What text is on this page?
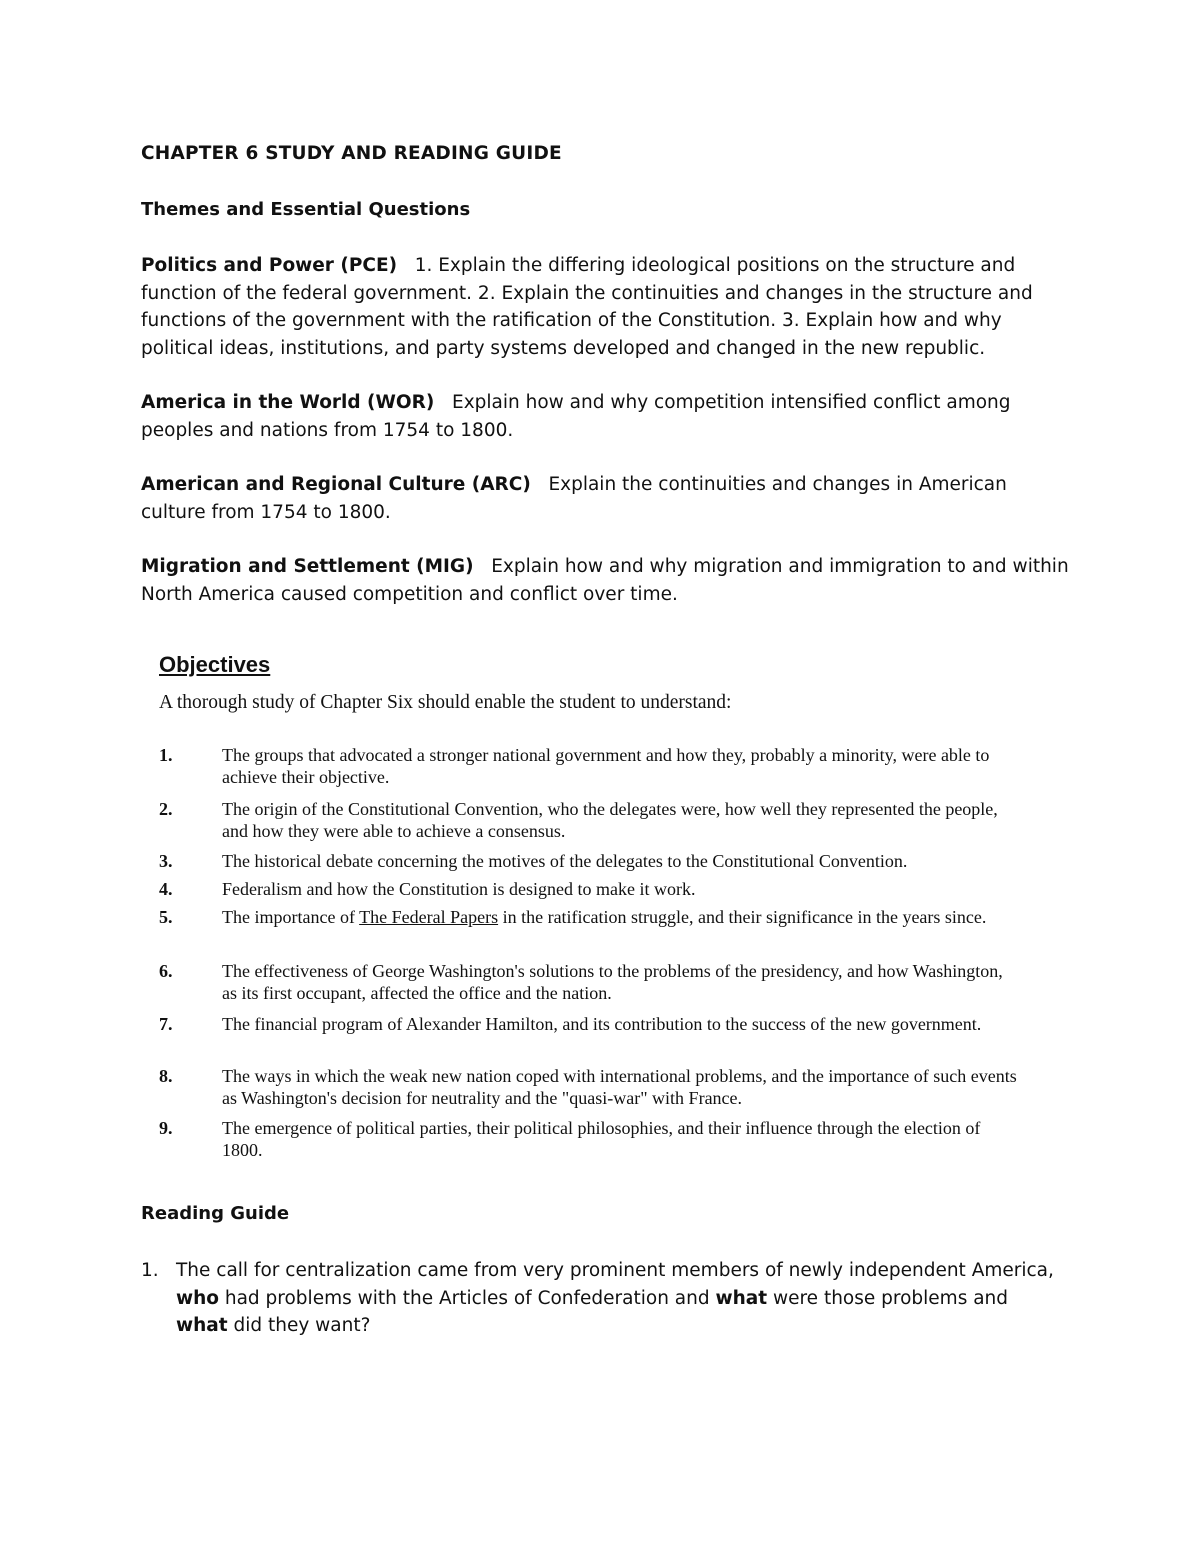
CHAPTER 6 STUDY AND READING GUIDE
Themes and Essential Questions
Politics and Power (PCE) 1. Explain the differing ideological positions on the structure and function of the federal government. 2. Explain the continuities and changes in the structure and functions of the government with the ratification of the Constitution. 3. Explain how and why political ideas, institutions, and party systems developed and changed in the new republic.
America in the World (WOR) Explain how and why competition intensified conflict among peoples and nations from 1754 to 1800.
American and Regional Culture (ARC) Explain the continuities and changes in American culture from 1754 to 1800.
Migration and Settlement (MIG) Explain how and why migration and immigration to and within North America caused competition and conflict over time.
Objectives
A thorough study of Chapter Six should enable the student to understand:
1.	The groups that advocated a stronger national government and how they, probably a minority, were able to achieve their objective.
2.	The origin of the Constitutional Convention, who the delegates were, how well they represented the people, and how they were able to achieve a consensus.
3.	The historical debate concerning the motives of the delegates to the Constitutional Convention.
4.	Federalism and how the Constitution is designed to make it work.
5.	The importance of The Federal Papers in the ratification struggle, and their significance in the years since.
6.	The effectiveness of George Washington's solutions to the problems of the presidency, and how Washington, as its first occupant, affected the office and the nation.
7.	The financial program of Alexander Hamilton, and its contribution to the success of the new government.
8.	The ways in which the weak new nation coped with international problems, and the importance of such events as Washington's decision for neutrality and the "quasi-war" with France.
9.	The emergence of political parties, their political philosophies, and their influence through the election of 1800.
Reading Guide
1. The call for centralization came from very prominent members of newly independent America, who had problems with the Articles of Confederation and what were those problems and what did they want?
